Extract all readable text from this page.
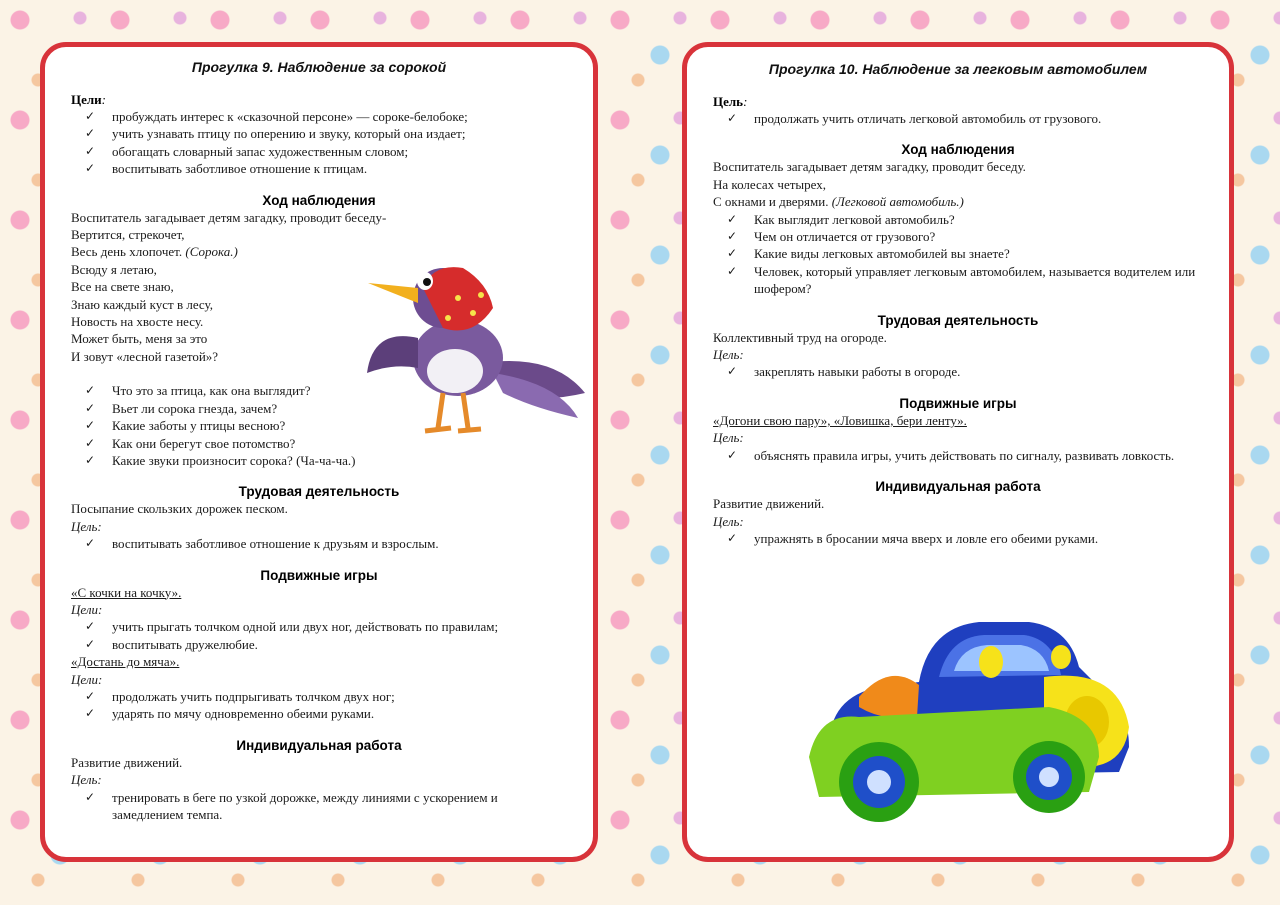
Прогулка 9. Наблюдение за сорокой
Цели:
✓ пробуждать интерес к «сказочной персоне» — сороке-белобоке;
✓ учить узнавать птицу по оперению и звуку, который она издает;
✓ обогащать словарный запас художественным словом;
✓ воспитывать заботливое отношение к птицам.
Ход наблюдения
Воспитатель загадывает детям загадку, проводит беседу-
Вертится, стрекочет,
Весь день хлопочет. (Сорока.)
Всюду я летаю,
Все на свете знаю,
Знаю каждый куст в лесу,
Новость на хвосте несу.
Может быть, меня за это
И зовут «лесной газетой»?
✓ Что это за птица, как она выглядит?
✓ Вьет ли сорока гнезда, зачем?
✓ Какие заботы у птицы весною?
✓ Как они берегут свое потомство?
✓ Какие звуки произносит сорока? (Ча-ча-ча.)
Трудовая деятельность
Посыпание скользких дорожек песком.
Цель:
✓ воспитывать заботливое отношение к друзьям и взрослым.
Подвижные игры
«С кочки на кочку».
Цели:
✓ учить прыгать толчком одной или двух ног, действовать по правилам;
✓ воспитывать дружелюбие.
«Достань до мяча».
Цели:
✓ продолжать учить подпрыгивать толчком двух ног;
✓ ударять по мячу одновременно обеими руками.
Индивидуальная работа
Развитие движений.
Цель:
✓ тренировать в беге по узкой дорожке, между линиями с ускорением и замедлением темпа.
Прогулка 10. Наблюдение за легковым автомобилем
Цель:
✓ продолжать учить отличать легковой автомобиль от грузового.
Ход наблюдения
Воспитатель загадывает детям загадку, проводит беседу.
На колесах четырех,
С окнами и дверями. (Легковой автомобиль.)
✓ Как выглядит легковой автомобиль?
✓ Чем он отличается от грузового?
✓ Какие виды легковых автомобилей вы знаете?
✓ Человек, который управляет легковым автомобилем, называется водителем или шофером?
Трудовая деятельность
Коллективный труд на огороде.
Цель:
✓ закреплять навыки работы в огороде.
Подвижные игры
«Догони свою пару», «Ловишка, бери ленту».
Цель:
✓ объяснять правила игры, учить действовать по сигналу, развивать ловкость.
Индивидуальная работа
Развитие движений.
Цель:
✓ упражнять в бросании мяча вверх и ловле его обеими руками.
